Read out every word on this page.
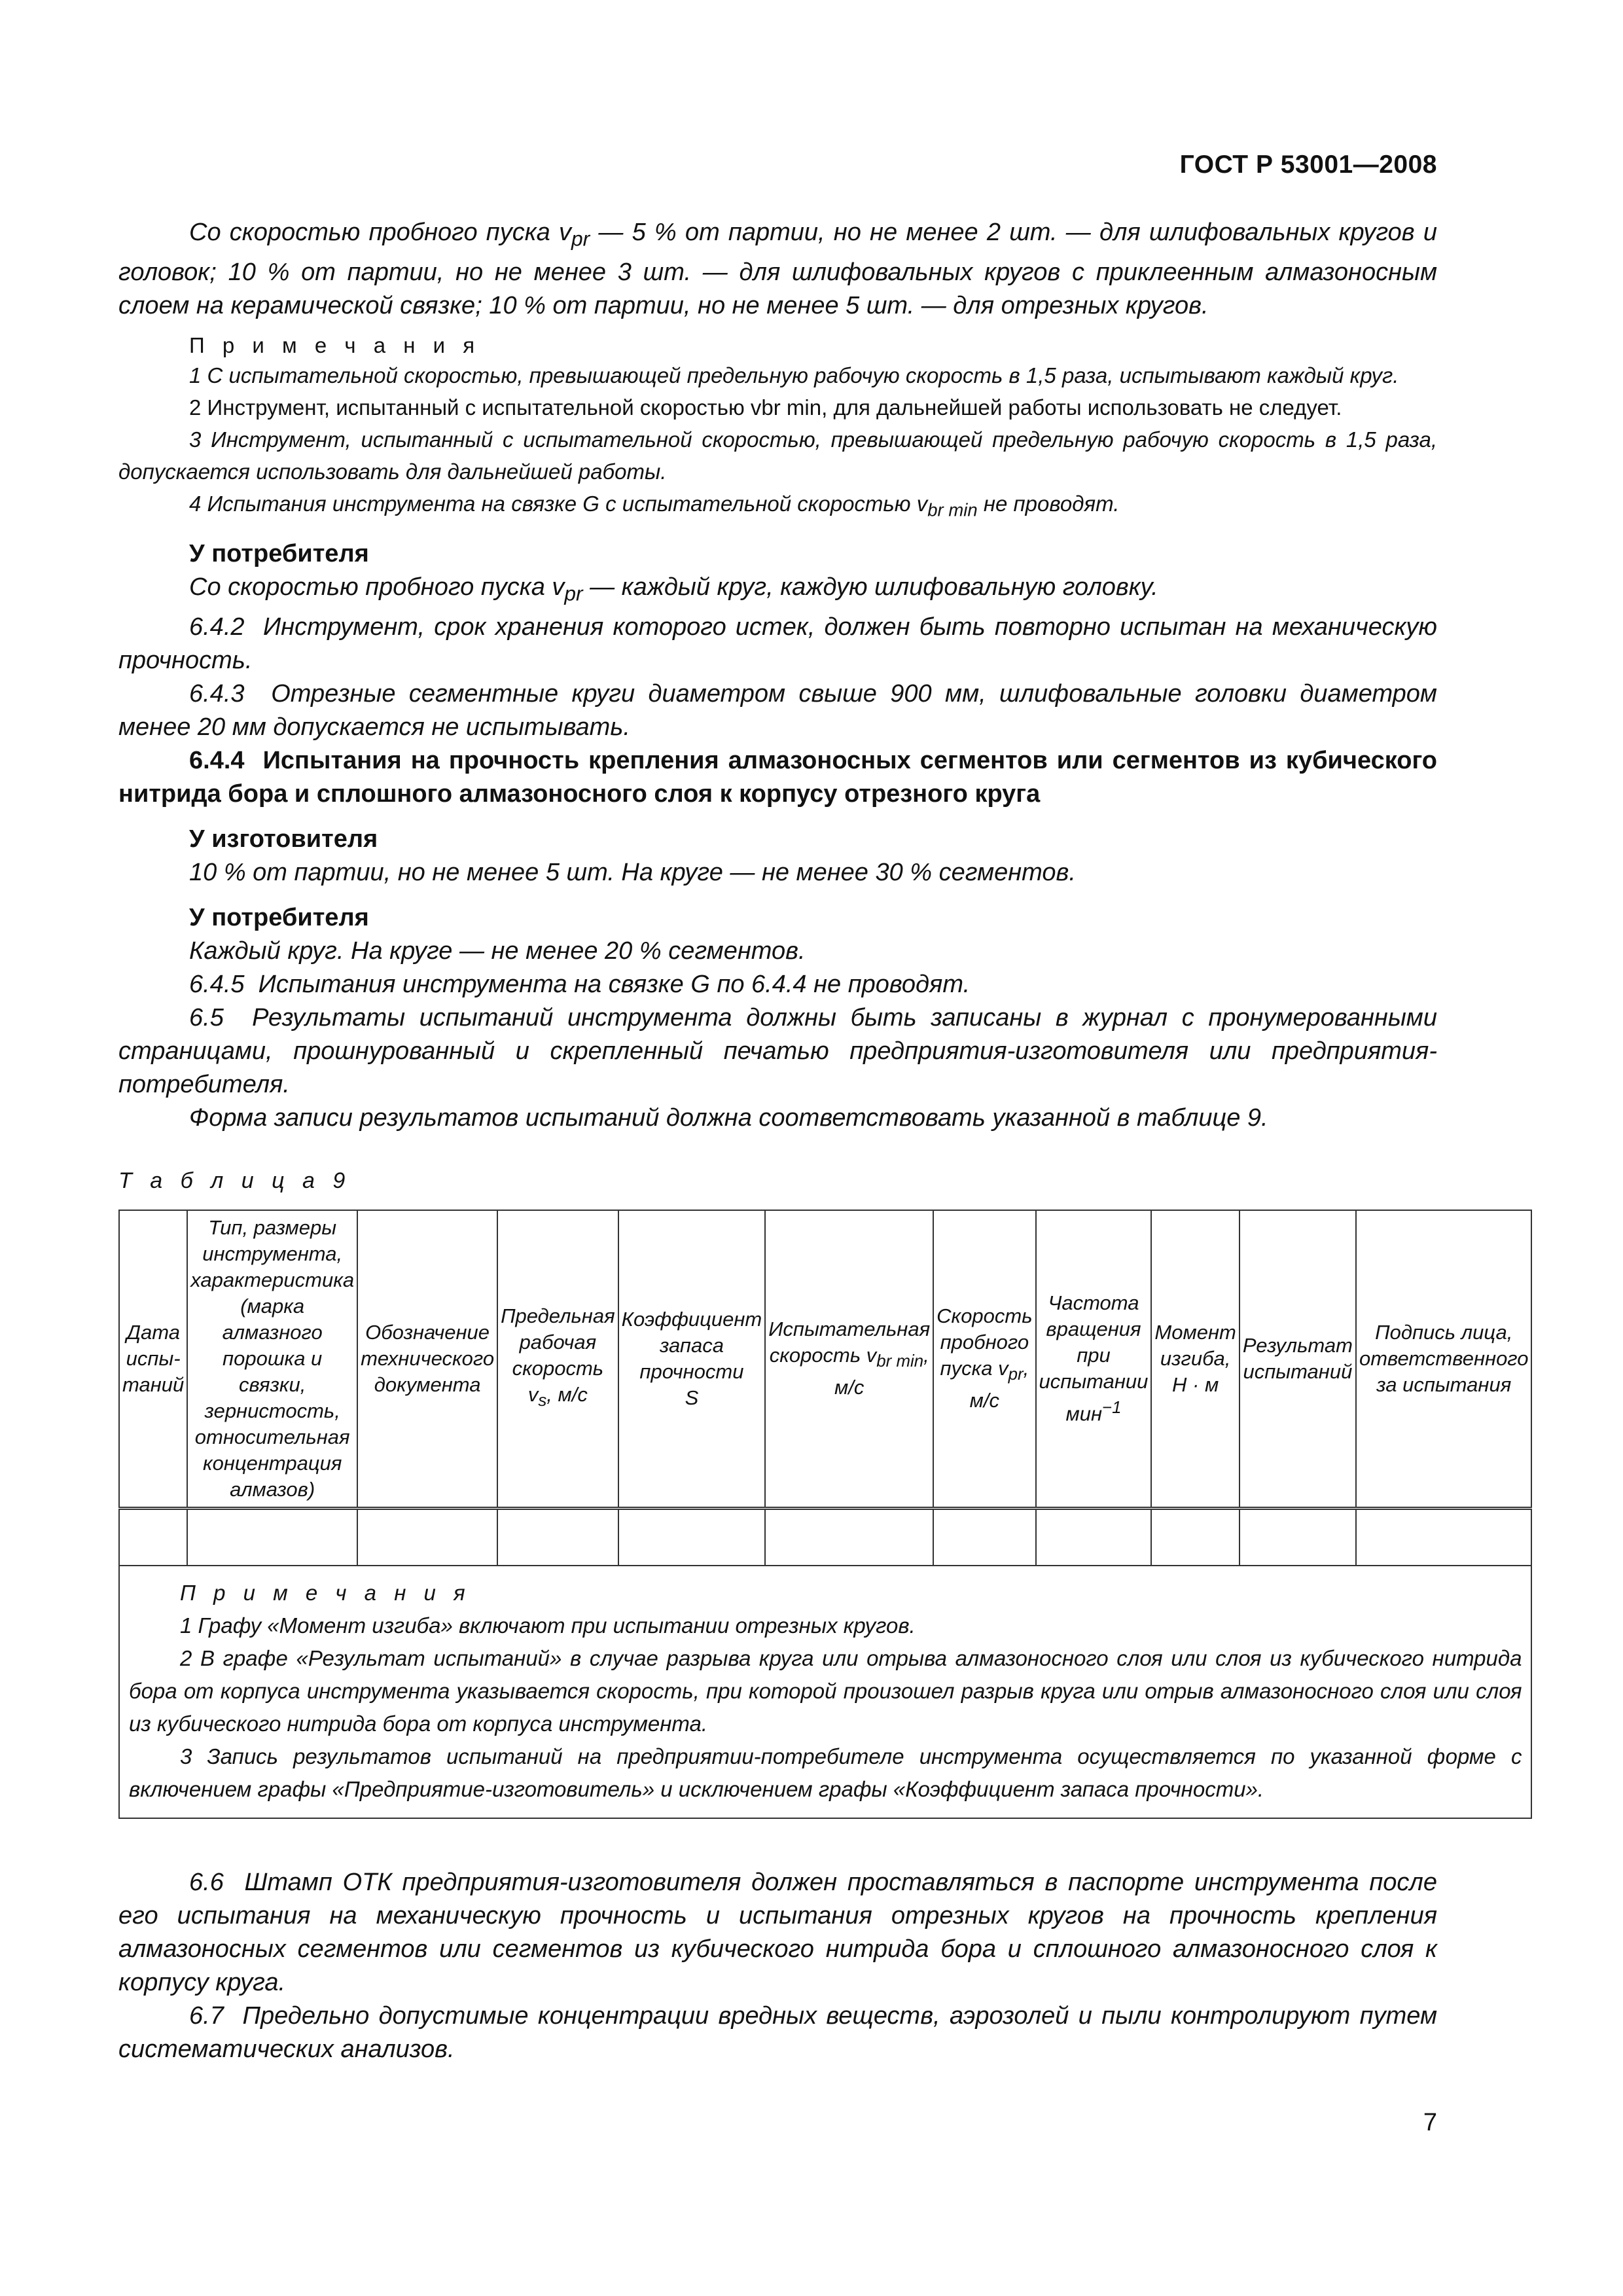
ГОСТ Р 53001—2008

Со скоростью пробного пуска $v_{pr}$ — 5 % от партии, но не менее 2 шт. — для шлифовальных кругов и головок; 10 % от партии, но не менее 3 шт. — для шлифовальных кругов с приклеенным алмазоносным слоем на керамической связке; 10 % от партии, но не менее 5 шт. — для отрезных кругов.

П р и м е ч а н и я

1 С испытательной скоростью, превышающей предельную рабочую скорость в 1,5 раза, испытывают каждый круг.

2 Инструмент, испытанный с испытательной скоростью vbr min, для дальнейшей работы использовать не следует.

3 Инструмент, испытанный с испытательной скоростью, превышающей предельную рабочую скорость в 1,5 раза, допускается использовать для дальнейшей работы.

4 Испытания инструмента на связке G с испытательной скоростью $v_{br min}$ не проводят.

У потребителя

Со скоростью пробного пуска $v_{pr}$ — каждый круг, каждую шлифовальную головку.

6.4.2 Инструмент, срок хранения которого истек, должен быть повторно испытан на механическую прочность.

6.4.3 Отрезные сегментные круги диаметром свыше 900 мм, шлифовальные головки диаметром менее 20 мм допускается не испытывать.

6.4.4 Испытания на прочность крепления алмазоносных сегментов или сегментов из кубического нитрида бора и сплошного алмазоносного слоя к корпусу отрезного круга

У изготовителя

10 % от партии, но не менее 5 шт. На круге — не менее 30 % сегментов.

У потребителя

Каждый круг. На круге — не менее 20 % сегментов.

6.4.5 Испытания инструмента на связке G по 6.4.4 не проводят.

6.5 Результаты испытаний инструмента должны быть записаны в журнал с пронумерованными страницами, прошнурованный и скрепленный печатью предприятия-изготовителя или предприятия-потребителя.

Форма записи результатов испытаний должна соответствовать указанной в таблице 9.

Т а б л и ц а 9

Дата испы-таний	Тип, размеры инструмента, характеристика (марка алмазного порошка и связки, зернистость, относительная концентрация алмазов)	Обозначение технического документа	Предельная рабочая скорость $v_s$, м/с	Коэффициент запаса прочности
S	Испытательная скорость $v_{br min}$, м/с	Скорость пробного пуска $v_{pr}$, м/с	Частота вращения при испытании мин$^{-1}$	Момент изгиба, Н · м	Результат испытаний	Подпись лица, ответственного за испытания

П р и м е ч а н и я

1 Графу «Момент изгиба» включают при испытании отрезных кругов.

2 В графе «Результат испытаний» в случае разрыва круга или отрыва алмазоносного слоя или слоя из кубического нитрида бора от корпуса инструмента указывается скорость, при которой произошел разрыв круга или отрыв алмазоносного слоя или слоя из кубического нитрида бора от корпуса инструмента.

3 Запись результатов испытаний на предприятии-потребителе инструмента осуществляется по указанной форме с включением графы «Предприятие-изготовитель» и исключением графы «Коэффициент запаса прочности».										

6.6 Штамп ОТК предприятия-изготовителя должен проставляться в паспорте инструмента после его испытания на механическую прочность и испытания отрезных кругов на прочность крепления алмазоносных сегментов или сегментов из кубического нитрида бора и сплошного алмазоносного слоя к корпусу круга.

6.7 Предельно допустимые концентрации вредных веществ, аэрозолей и пыли контролируют путем систематических анализов.

7
